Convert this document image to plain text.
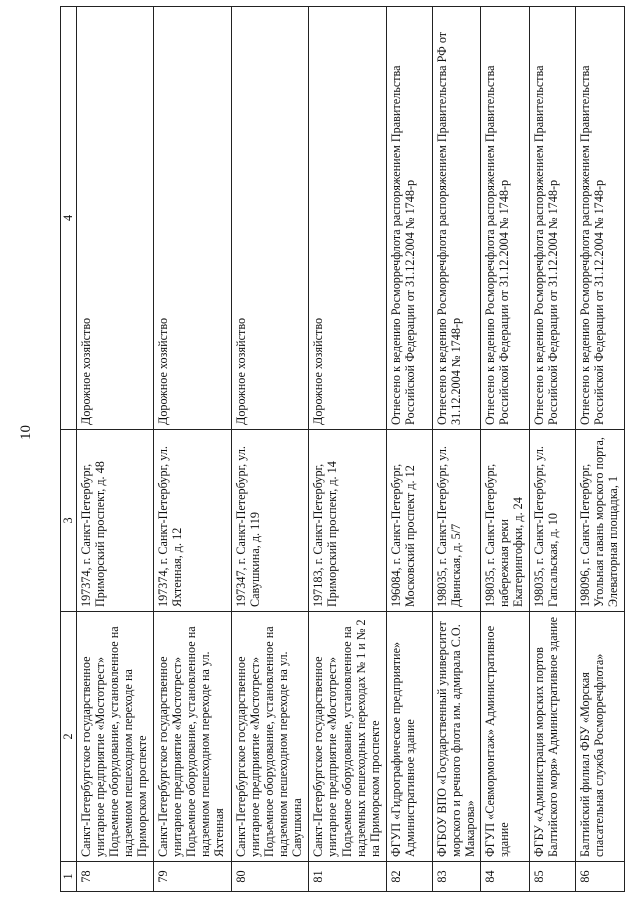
10
1	2	3	4
78	Санкт-Петербургское государственное унитарное предприятие «Мостотрест» Подъемное оборудование, установленное на надземном пешеходном переходе на Приморском проспекте	197374, г. Санкт-Петербург, Приморский проспект, д. 48	Дорожное хозяйство
79	Санкт-Петербургское государственное унитарное предприятие «Мостотрест» Подъемное оборудование, установленное на надземном пешеходном переходе на ул. Яхтенная	197374, г. Санкт-Петербург, ул. Яхтенная, д. 12	Дорожное хозяйство
80	Санкт-Петербургское государственное унитарное предприятие «Мостотрест» Подъемное оборудование, установленное на надземном пешеходном переходе на ул. Савушкина	197347, г. Санкт-Петербург, ул. Савушкина, д. 119	Дорожное хозяйство
81	Санкт-Петербургское государственное унитарное предприятие «Мостотрест» Подъемное оборудование, установленное на надземных пешеходных переходах № 1 и № 2 на Приморском проспекте	197183, г. Санкт-Петербург, Приморский проспект, д. 14	Дорожное хозяйство
82	ФГУП «Гидрографическое предприятие» Административное здание	196084, г. Санкт-Петербург, Московский проспект д. 12	Отнесено к ведению Росморречфлота распоряжением Правительства Российской Федерации от 31.12.2004 № 1748-р
83	ФГБОУ ВПО «Государственный университет морского и речного флота им. адмирала С.О. Макарова»	198035, г. Санкт-Петербург, ул. Двинская, д. 5/7	Отнесено к ведению Росморречфлота распоряжением Правительства РФ от 31.12.2004 № 1748-р
84	ФГУП «Севмормонтаж» Административное здание	198035, г. Санкт-Петербург, набережная реки Екатерингофки, д. 24	Отнесено к ведению Росморречфлота распоряжением Правительства Российской Федерации от 31.12.2004 № 1748-р
85	ФГБУ «Администрация морских портов Балтийского моря» Административное здание	198035, г. Санкт-Петербург, ул. Гапсальская, д. 10	Отнесено к ведению Росморречфлота распоряжением Правительства Российской Федерации от 31.12.2004 № 1748-р
86	Балтийский филиал ФБУ «Морская спасательная служба Росморречфлота»	198096, г. Санкт-Петербург, Угольная гавань морского порта, Элеваторная площадка, 1	Отнесено к ведению Росморречфлота распоряжением Правительства Российской Федерации от 31.12.2004 № 1748-р
